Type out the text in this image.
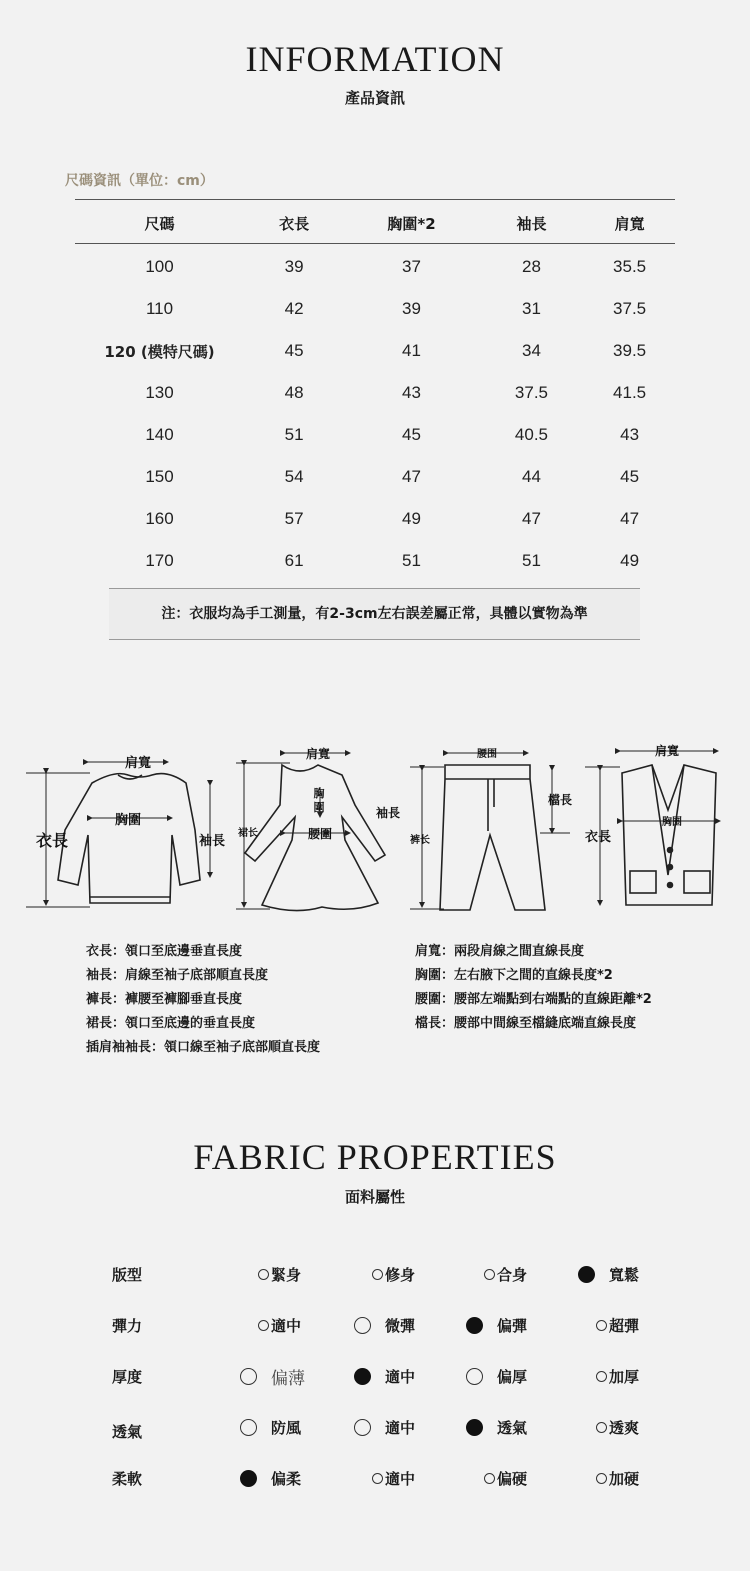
INFORMATION
產品資訊
尺碼資訊（單位：cm）
尺碼	衣長	胸圍*2	袖長	肩寬
100	39	37	28	35.5
110	42	39	31	37.5
120 (模特尺碼)	45	41	34	39.5
130	48	43	37.5	41.5
140	51	45	40.5	43
150	54	47	44	45
160	57	49	47	47
170	61	51	51	49
注：衣服均為手工測量，有2-3cm左右誤差屬正常，具體以實物為準
肩寬
胸圍
衣長	袖長
肩寬
胸
圍
腰圍
裙长
袖長
腰围
檔長
裤长
肩寬
胸围
衣長
衣長：領口至底邊垂直長度
袖長：肩線至袖子底部順直長度
褲長：褲腰至褲腳垂直長度
裙長：領口至底邊的垂直長度
插肩袖袖長：領口線至袖子底部順直長度
肩寬：兩段肩線之間直線長度
胸圍：左右腋下之間的直線長度*2
腰圍：腰部左端點到右端點的直線距離*2
檔長：腰部中間線至檔縫底端直線長度
FABRIC PROPERTIES
面料屬性
版型	緊身	修身	合身	寬鬆
彈力	適中	微彈	偏彈	超彈
厚度	偏薄	適中	偏厚	加厚
透氣	防風	適中	透氣	透爽
柔軟	偏柔	適中	偏硬	加硬
